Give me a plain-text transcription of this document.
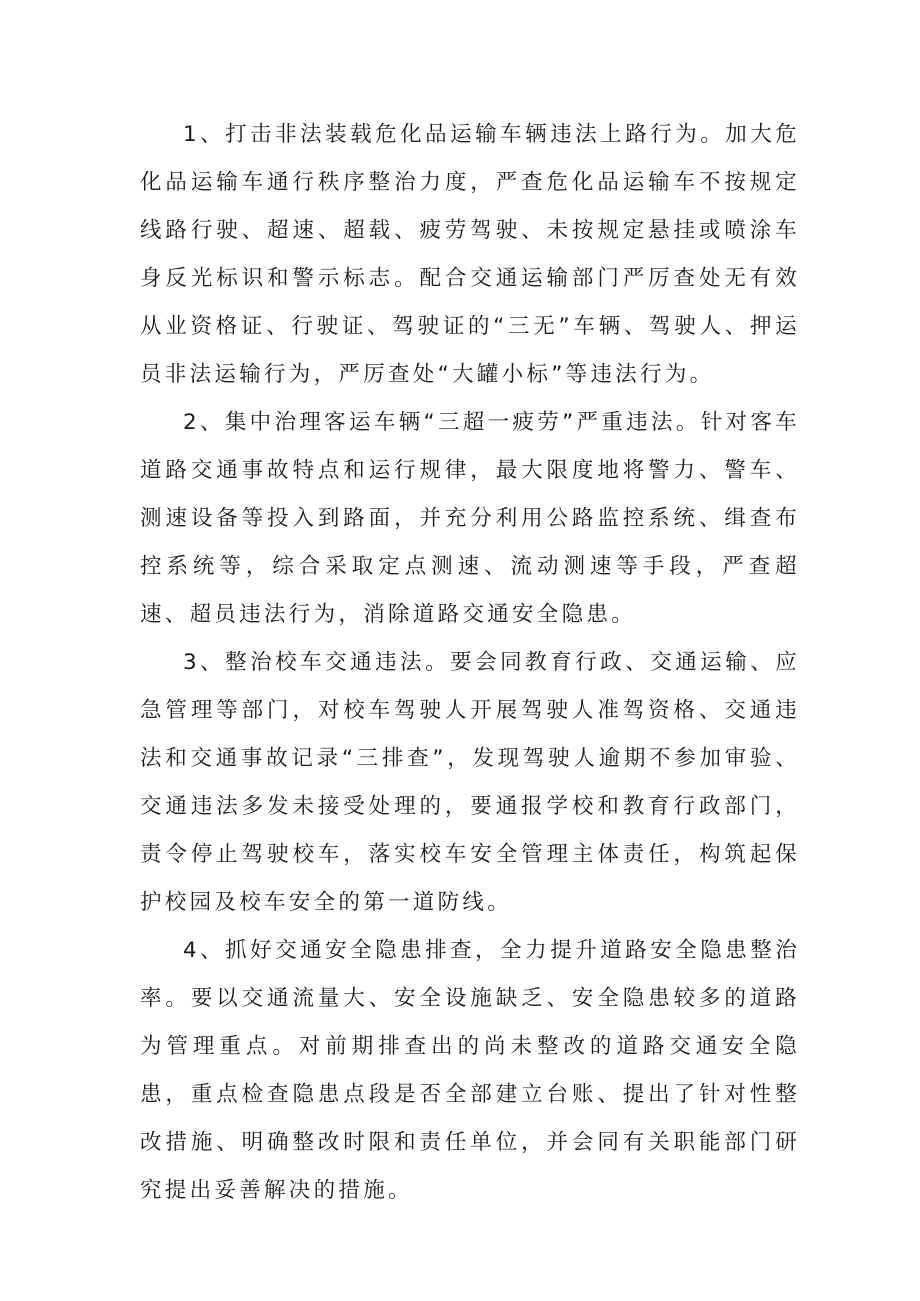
1、打击非法装载危化品运输车辆违法上路行为。加大危化品运输车通行秩序整治力度，严查危化品运输车不按规定线路行驶、超速、超载、疲劳驾驶、未按规定悬挂或喷涂车身反光标识和警示标志。配合交通运输部门严厉查处无有效从业资格证、行驶证、驾驶证的“三无”车辆、驾驶人、押运员非法运输行为，严厉查处“大罐小标”等违法行为。

2、集中治理客运车辆“三超一疲劳”严重违法。针对客车道路交通事故特点和运行规律，最大限度地将警力、警车、测速设备等投入到路面，并充分利用公路监控系统、缉查布控系统等，综合采取定点测速、流动测速等手段，严查超速、超员违法行为，消除道路交通安全隐患。

3、整治校车交通违法。要会同教育行政、交通运输、应急管理等部门，对校车驾驶人开展驾驶人准驾资格、交通违法和交通事故记录“三排查”，发现驾驶人逾期不参加审验、交通违法多发未接受处理的，要通报学校和教育行政部门，责令停止驾驶校车，落实校车安全管理主体责任，构筑起保护校园及校车安全的第一道防线。

4、抓好交通安全隐患排查，全力提升道路安全隐患整治率。要以交通流量大、安全设施缺乏、安全隐患较多的道路为管理重点。对前期排查出的尚未整改的道路交通安全隐患，重点检查隐患点段是否全部建立台账、提出了针对性整改措施、明确整改时限和责任单位，并会同有关职能部门研究提出妥善解决的措施。
